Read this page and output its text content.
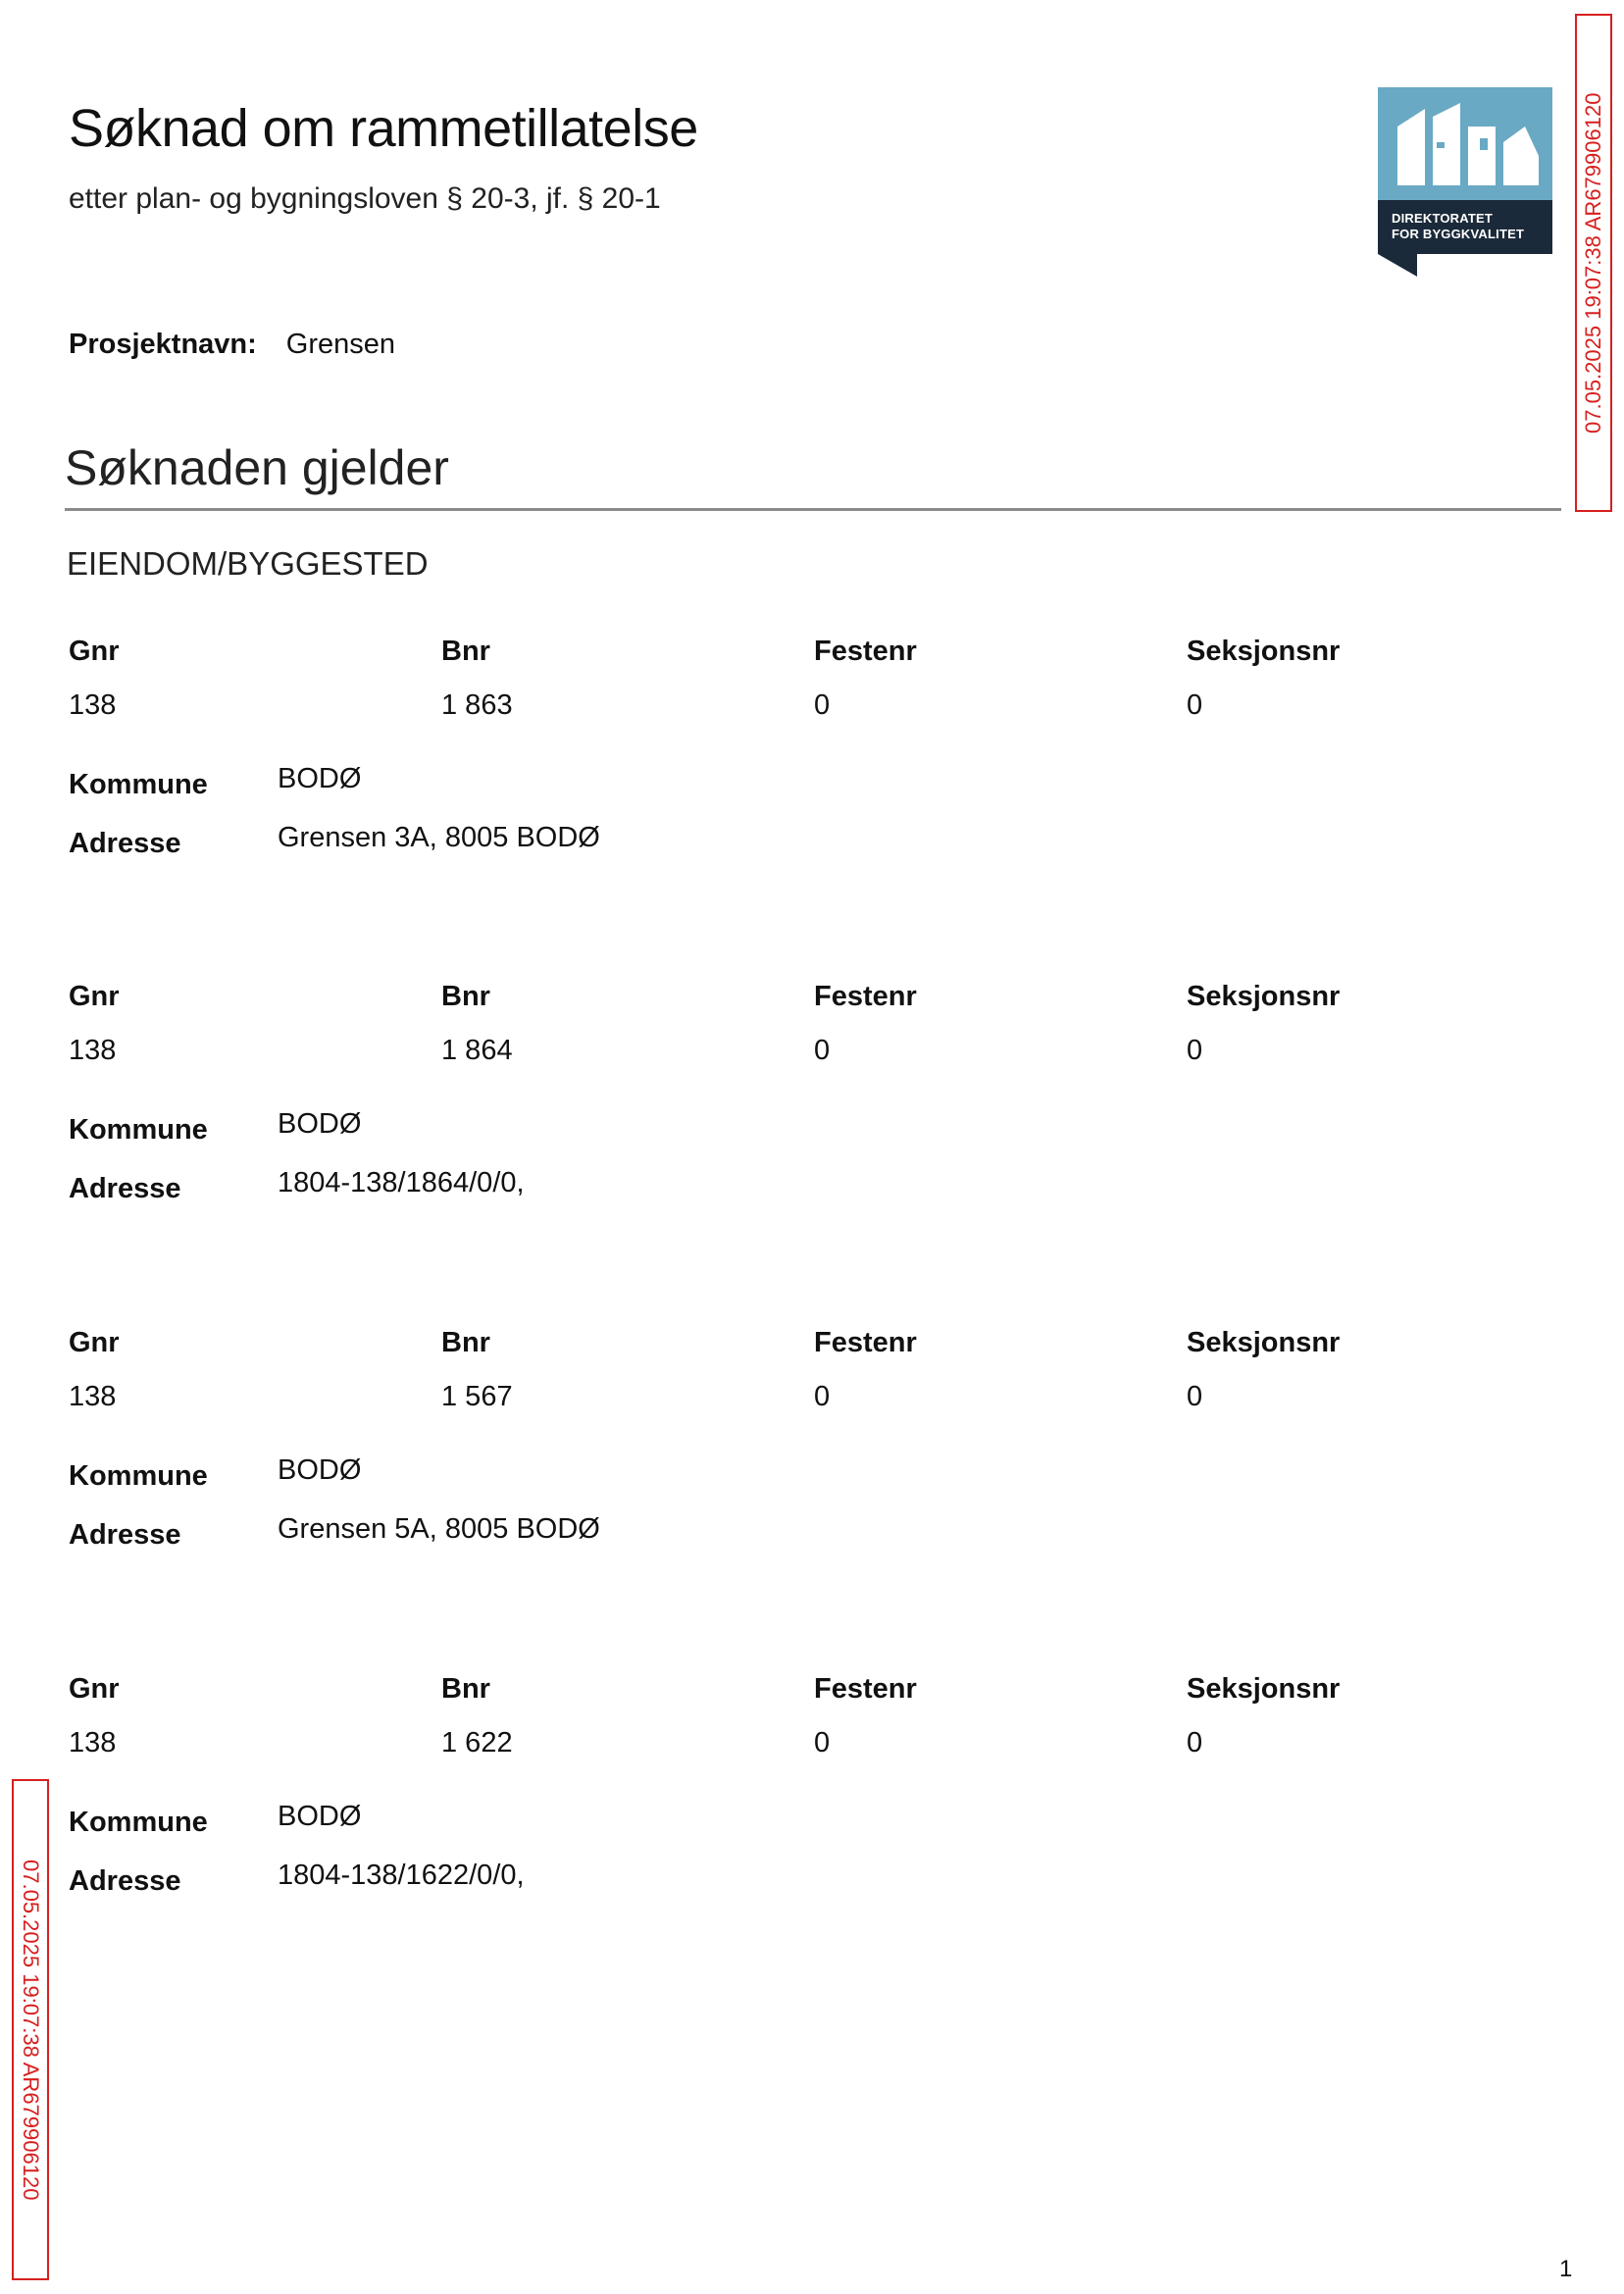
Søknad om rammetillatelse
etter plan- og bygningsloven § 20-3, jf. § 20-1
DIREKTORATET
FOR BYGGKVALITET
Prosjektnavn: Grensen
Søknaden gjelder
EIENDOM/BYGGESTED
Gnr	Bnr	Festenr	Seksjonsnr
138	1 863	0	0
Kommune BODØ
Adresse	Grensen 3A, 8005 BODØ
Gnr	Bnr	Festenr	Seksjonsnr
138	1 864	0	0
Kommune BODØ
Adresse	1804-138/1864/0/0,
Gnr	Bnr	Festenr	Seksjonsnr
138	1 567	0	0
Kommune BODØ
Adresse	Grensen 5A, 8005 BODØ
Gnr	Bnr	Festenr	Seksjonsnr
138	1 622	0	0
Kommune BODØ
Adresse	1804-138/1622/0/0,
07.05.2025 19:07:38 AR679906120
07.05.2025 19:07:38 AR679906120
1
